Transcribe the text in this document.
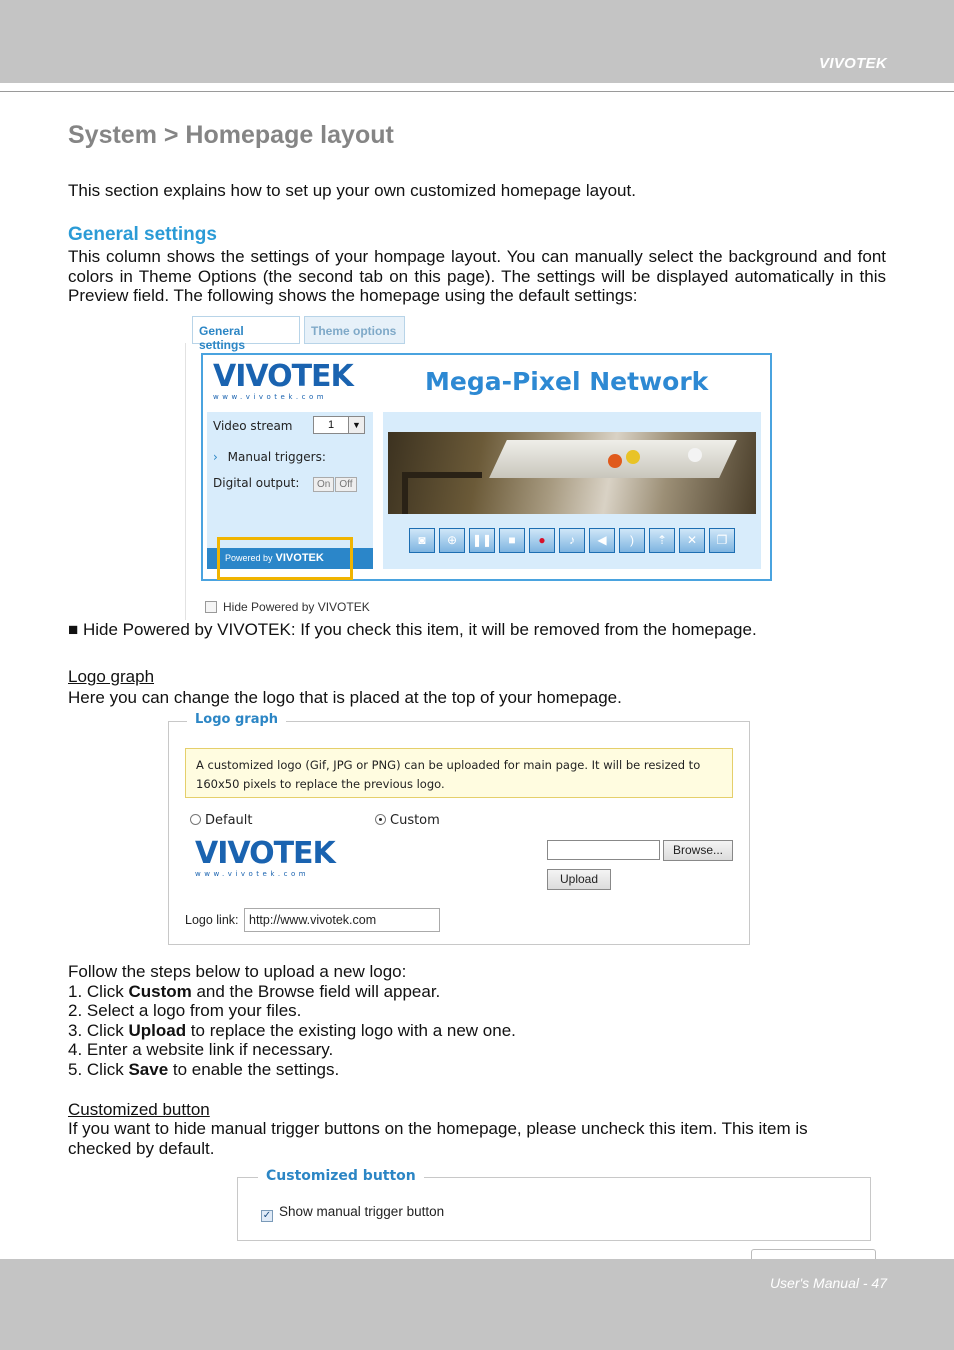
VIVOTEK
System > Homepage layout
This section explains how to set up your own customized homepage layout.
General settings
This column shows the settings of your hompage layout. You can manually select the background and font colors in Theme Options (the second tab on this page). The settings will be displayed automatically in this Preview field. The following shows the homepage using the default settings:
General settings
Theme options
VIVOTEK
www.vivotek.com
Mega-Pixel Network
Video stream	1	▼
› Manual triggers:
Digital output:	On Off
Powered by VIVOTEK
◙	⊕	❚❚	■	●	♪	◀	)	⇡	✕	❐
Hide Powered by VIVOTEK
■ Hide Powered by VIVOTEK: If you check this item, it will be removed from the homepage.
Logo graph
Here you can change the logo that is placed at the top of your homepage.
Logo graph
A customized logo (Gif, JPG or PNG) can be uploaded for main page. It will be resized to
160x50 pixels to replace the previous logo.
Default	Custom
VIVOTEK
www.vivotek.com
Browse...
Upload
Logo link: http://www.vivotek.com
Follow the steps below to upload a new logo:
1. Click Custom and the Browse field will appear.
2. Select a logo from your files.
3. Click Upload to replace the existing logo with a new one.
4. Enter a website link if necessary.
5. Click Save to enable the settings.
Customized button
If you want to hide manual trigger buttons on the homepage, please uncheck this item. This item is checked by default.
Customized button
✓ Show manual trigger button
User's Manual - 47
